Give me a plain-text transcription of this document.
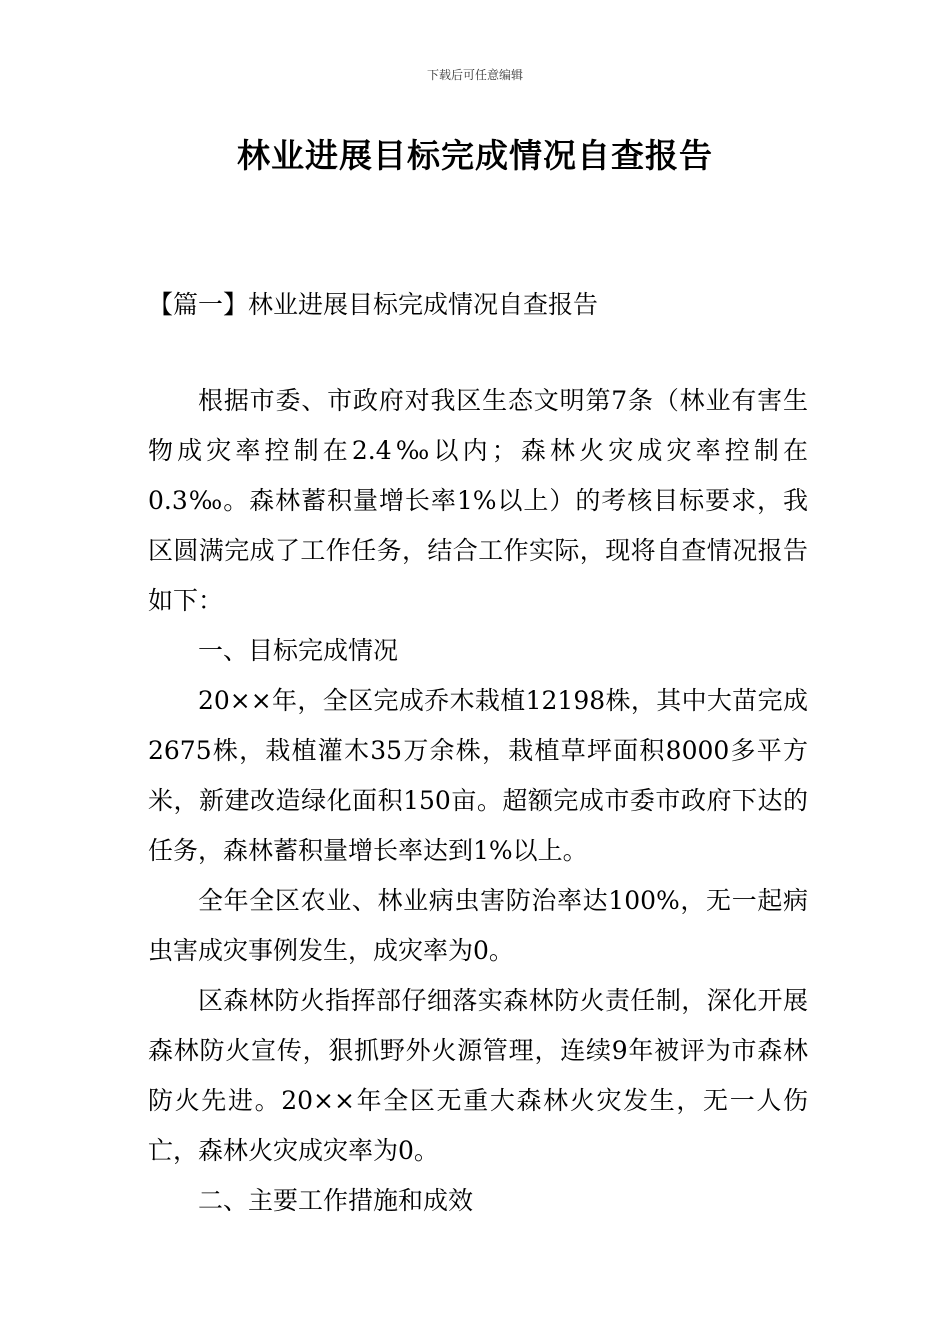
下载后可任意编辑
林业进展目标完成情况自查报告
【篇一】林业进展目标完成情况自查报告

根据市委、市政府对我区生态文明第7条（林业有害生物成灾率控制在2.4‰以内；森林火灾成灾率控制在0.3‰。森林蓄积量增长率1%以上）的考核目标要求，我区圆满完成了工作任务，结合工作实际，现将自查情况报告如下：

一、目标完成情况

20××年，全区完成乔木栽植12198株，其中大苗完成2675株，栽植灌木35万余株，栽植草坪面积8000多平方米，新建改造绿化面积150亩。超额完成市委市政府下达的任务，森林蓄积量增长率达到1%以上。

全年全区农业、林业病虫害防治率达100%，无一起病虫害成灾事例发生，成灾率为0。

区森林防火指挥部仔细落实森林防火责任制，深化开展森林防火宣传，狠抓野外火源管理，连续9年被评为市森林防火先进。20××年全区无重大森林火灾发生，无一人伤亡，森林火灾成灾率为0。

二、主要工作措施和成效
